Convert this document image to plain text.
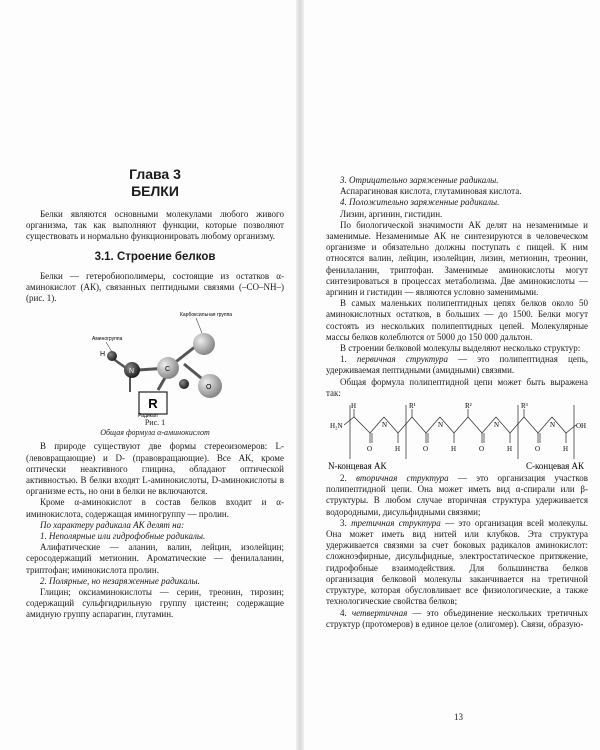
Глава 3
БЕЛКИ

Белки являются основными молекулами любого живого организма, так как выполняют функции, которые позволяют существовать и нормально функционировать любому организму.

3.1. Строение белков

Белки — гетеробиополимеры, состоящие из остатков α-аминокислот (АК), связанных пептидными связями (–CO–NH–) (рис. 1).

R
H
N	C
O
Аминогруппа
Карбоксильная группа
Радикал
Рис. 1
Общая формула α-аминокислот

В природе существуют две формы стереоизомеров: L- (левовращающие) и D- (правовращающие). Все АК, кроме оптически неактивного глицина, обладают оптической активностью. В белки входят L-аминокислоты, D-аминокислоты в организме есть, но они в белки не включаются.

Кроме α-аминокислот в состав белков входит и α-иминокислота, содержащая иминогруппу — пролин.

По характеру радикала АК делят на:

1. Неполярные или гидрофобные радикалы.

Алифатические — аланин, валин, лейцин, изолейцин; серосодержащий метионин. Ароматические — фенилаланин, триптофан; иминокислота пролин.

2. Полярные, но незаряженные радикалы.

Глицин; оксиаминокислоты — серин, треонин, тирозин; содержащий сульфгидрильную группу цистеин; содержащие амидную группу аспарагин, глутамин.

3. Отрицательно заряженные радикалы.

Аспарагиновая кислота, глутаминовая кислота.

4. Положительно заряженные радикалы.

Лизин, аргинин, гистидин.

По биологической значимости АК делят на незаменимые и заменимые. Незаменимые АК не синтезируются в человеческом организме и обязательно должны поступать с пищей. К ним относятся валин, лейцин, изолейцин, лизин, метионин, треонин, фенилаланин, триптофан. Заменимые аминокислоты могут синтезироваться в процессах метаболизма. Две аминокислоты — аргинин и гистидин — являются условно заменимыми.

В самых маленьких полипептидных цепях белков около 50 аминокислотных остатков, в больших — до 1500. Белки могут состоять из нескольких полипептидных цепей. Молекулярные массы белков колеблются от 5000 до 150 000 дальтон.

В строении белковой молекулы выделяют несколько структур:

1. первичная структура — это полипептидная цепь, удерживаемая пептидными (амидными) связями.

Общая формула полипептидной цепи может быть выражена так:

H₂N
H	R¹	R²	R³
O	H	O	H	O	H	O	H
OH
N	N	N	N
N-концевая АК	С-концевая АК

2. вторичная структура — это организация участков полипептидной цепи. Она может иметь вид α-спирали или β-структуры. В любом случае вторичная структура удерживается водородными, дисульфидными связями;

3. третичная структура — это организация всей молекулы. Она может иметь вид нитей или клубков. Эта структура удерживается связями за счет боковых радикалов аминокислот: сложноэфирные, дисульфидные, электростатическое притяжение, гидрофобные взаимодействия. Для большинства белков организация белковой молекулы заканчивается на третичной структуре, которая обусловливает все физиологические, а также технологические свойства белков;

4. четвертичная — это объединение нескольких третичных структур (протомеров) в единое целое (олигомер). Связи, образую-

13
